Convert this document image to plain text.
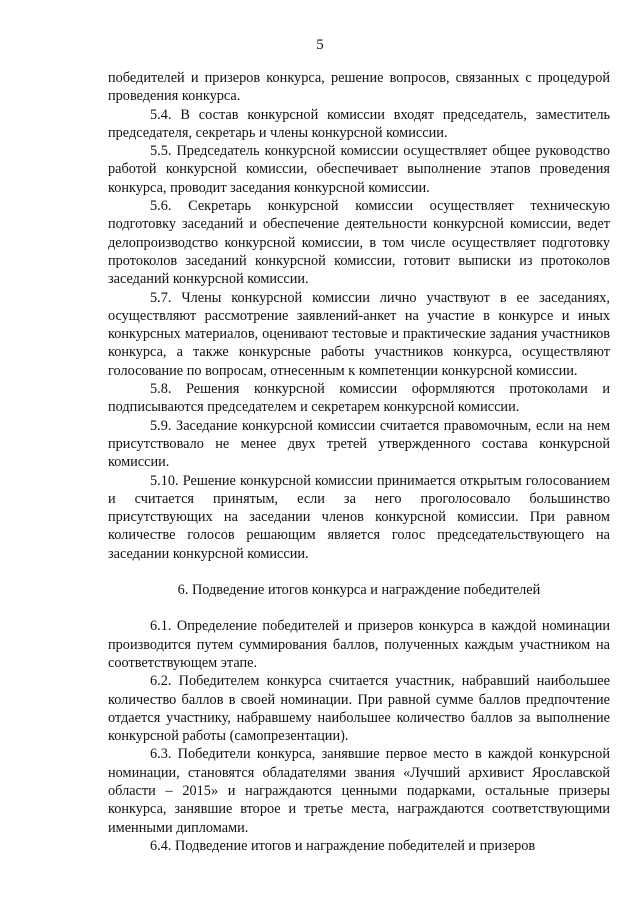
5

победителей и призеров конкурса, решение вопросов, связанных с процедурой проведения конкурса.

5.4. В состав конкурсной комиссии входят председатель, заместитель председателя, секретарь и члены конкурсной комиссии.

5.5. Председатель конкурсной комиссии осуществляет общее руководство работой конкурсной комиссии, обеспечивает выполнение этапов проведения конкурса, проводит заседания конкурсной комиссии.

5.6. Секретарь конкурсной комиссии осуществляет техническую подготовку заседаний и обеспечение деятельности конкурсной комиссии, ведет делопроизводство конкурсной комиссии, в том числе осуществляет подготовку протоколов заседаний конкурсной комиссии, готовит выписки из протоколов заседаний конкурсной комиссии.

5.7. Члены конкурсной комиссии лично участвуют в ее заседаниях, осуществляют рассмотрение заявлений-анкет на участие в конкурсе и иных конкурсных материалов, оценивают тестовые и практические задания участников конкурса, а также конкурсные работы участников конкурса, осуществляют голосование по вопросам, отнесенным к компетенции конкурсной комиссии.

5.8. Решения конкурсной комиссии оформляются протоколами и подписываются председателем и секретарем конкурсной комиссии.

5.9. Заседание конкурсной комиссии считается правомочным, если на нем присутствовало не менее двух третей утвержденного состава конкурсной комиссии.

5.10. Решение конкурсной комиссии принимается открытым голосованием и считается принятым, если за него проголосовало большинство присутствующих на заседании членов конкурсной комиссии. При равном количестве голосов решающим является голос председательствующего на заседании конкурсной комиссии.

6. Подведение итогов конкурса и награждение победителей

6.1. Определение победителей и призеров конкурса в каждой номинации производится путем суммирования баллов, полученных каждым участником на соответствующем этапе.

6.2. Победителем конкурса считается участник, набравший наибольшее количество баллов в своей номинации. При равной сумме баллов предпочтение отдается участнику, набравшему наибольшее количество баллов за выполнение конкурсной работы (самопрезентации).

6.3. Победители конкурса, занявшие первое место в каждой конкурсной номинации, становятся обладателями звания «Лучший архивист Ярославской области – 2015» и награждаются ценными подарками, остальные призеры конкурса, занявшие второе и третье места, награждаются соответствующими именными дипломами.

6.4. Подведение итогов и награждение победителей и призеров
